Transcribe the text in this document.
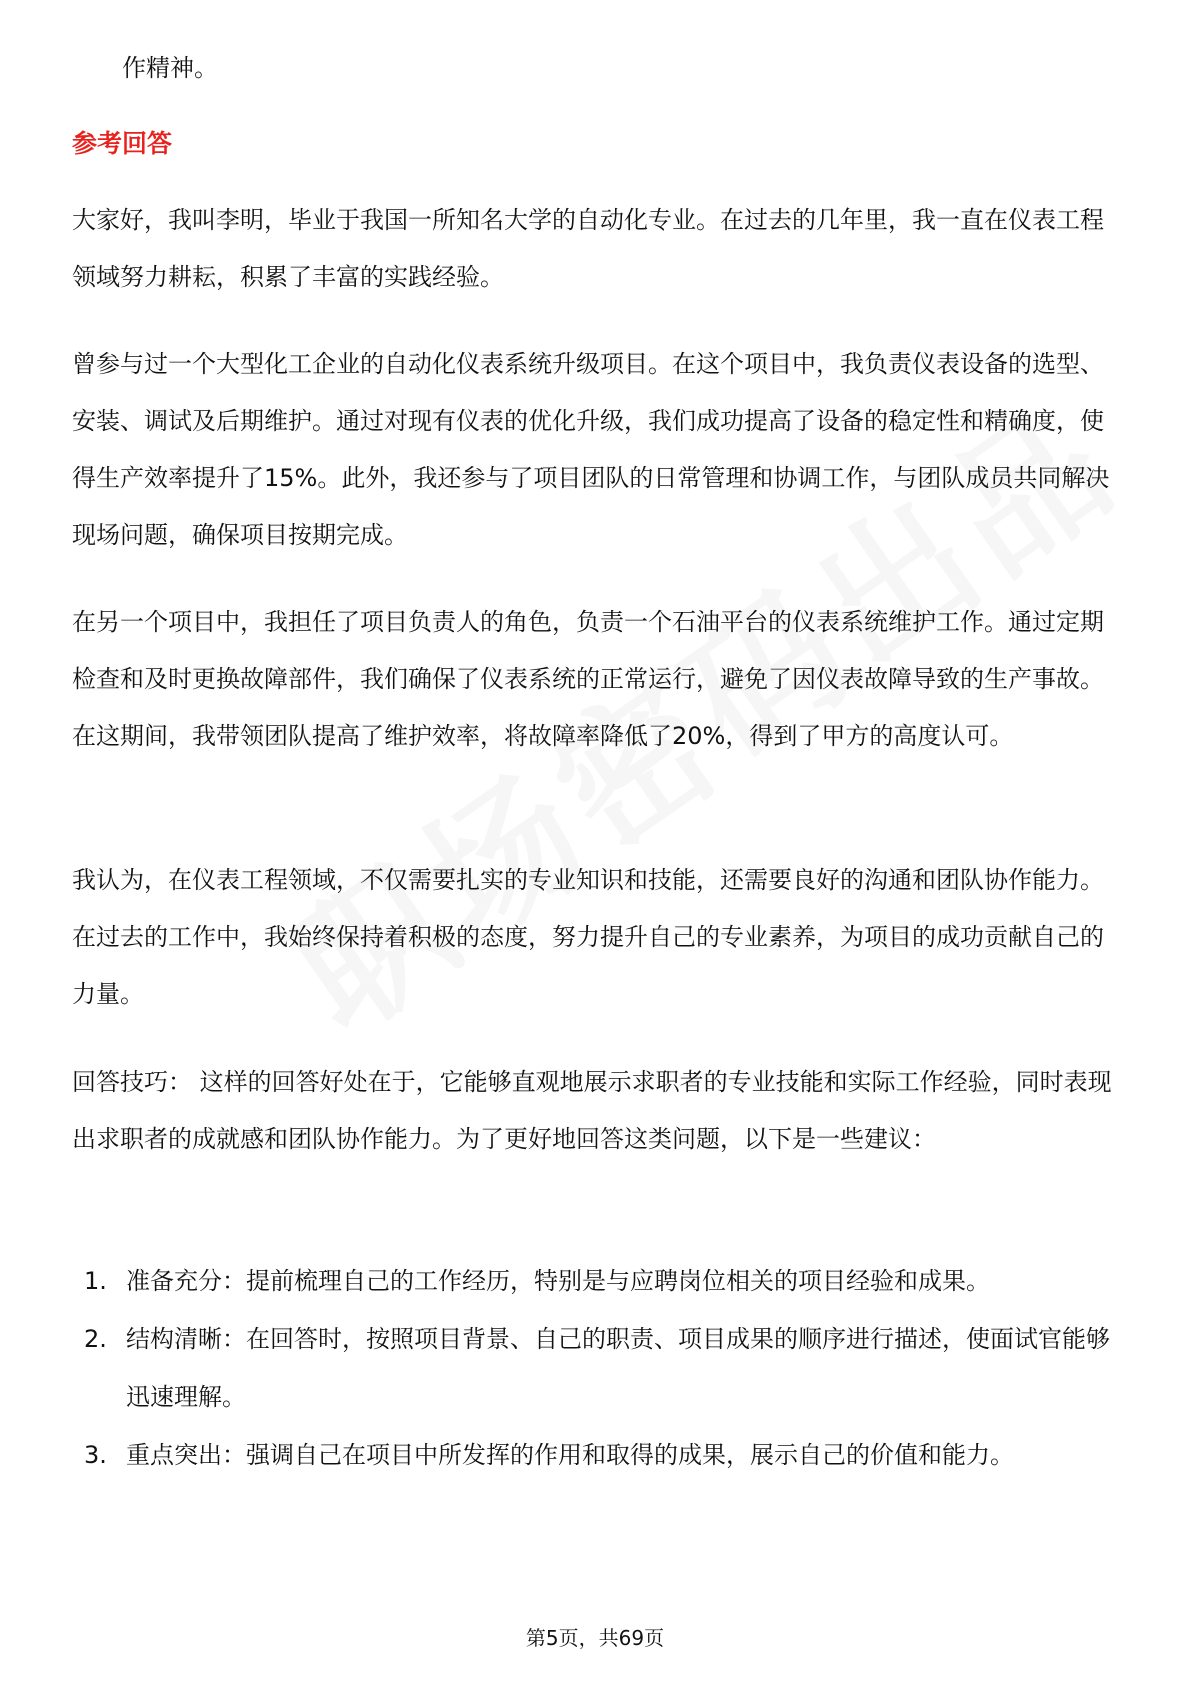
作精神。
参考回答

大家好，我叫李明，毕业于我国一所知名大学的自动化专业。在过去的几年里，我一直在仪表工程领域努力耕耘，积累了丰富的实践经验。

曾参与过一个大型化工企业的自动化仪表系统升级项目。在这个项目中，我负责仪表设备的选型、安装、调试及后期维护。通过对现有仪表的优化升级，我们成功提高了设备的稳定性和精确度，使得生产效率提升了15%。此外，我还参与了项目团队的日常管理和协调工作，与团队成员共同解决现场问题，确保项目按期完成。

在另一个项目中，我担任了项目负责人的角色，负责一个石油平台的仪表系统维护工作。通过定期检查和及时更换故障部件，我们确保了仪表系统的正常运行，避免了因仪表故障导致的生产事故。在这期间，我带领团队提高了维护效率，将故障率降低了20%，得到了甲方的高度认可。

我认为，在仪表工程领域，不仅需要扎实的专业知识和技能，还需要良好的沟通和团队协作能力。在过去的工作中，我始终保持着积极的态度，努力提升自己的专业素养，为项目的成功贡献自己的力量。

回答技巧： 这样的回答好处在于，它能够直观地展示求职者的专业技能和实际工作经验，同时表现出求职者的成就感和团队协作能力。为了更好地回答这类问题，以下是一些建议：

1. 准备充分：提前梳理自己的工作经历，特别是与应聘岗位相关的项目经验和成果。
2. 结构清晰：在回答时，按照项目背景、自己的职责、项目成果的顺序进行描述，使面试官能够迅速理解。
3. 重点突出：强调自己在项目中所发挥的作用和取得的成果，展示自己的价值和能力。
第5页，共69页
